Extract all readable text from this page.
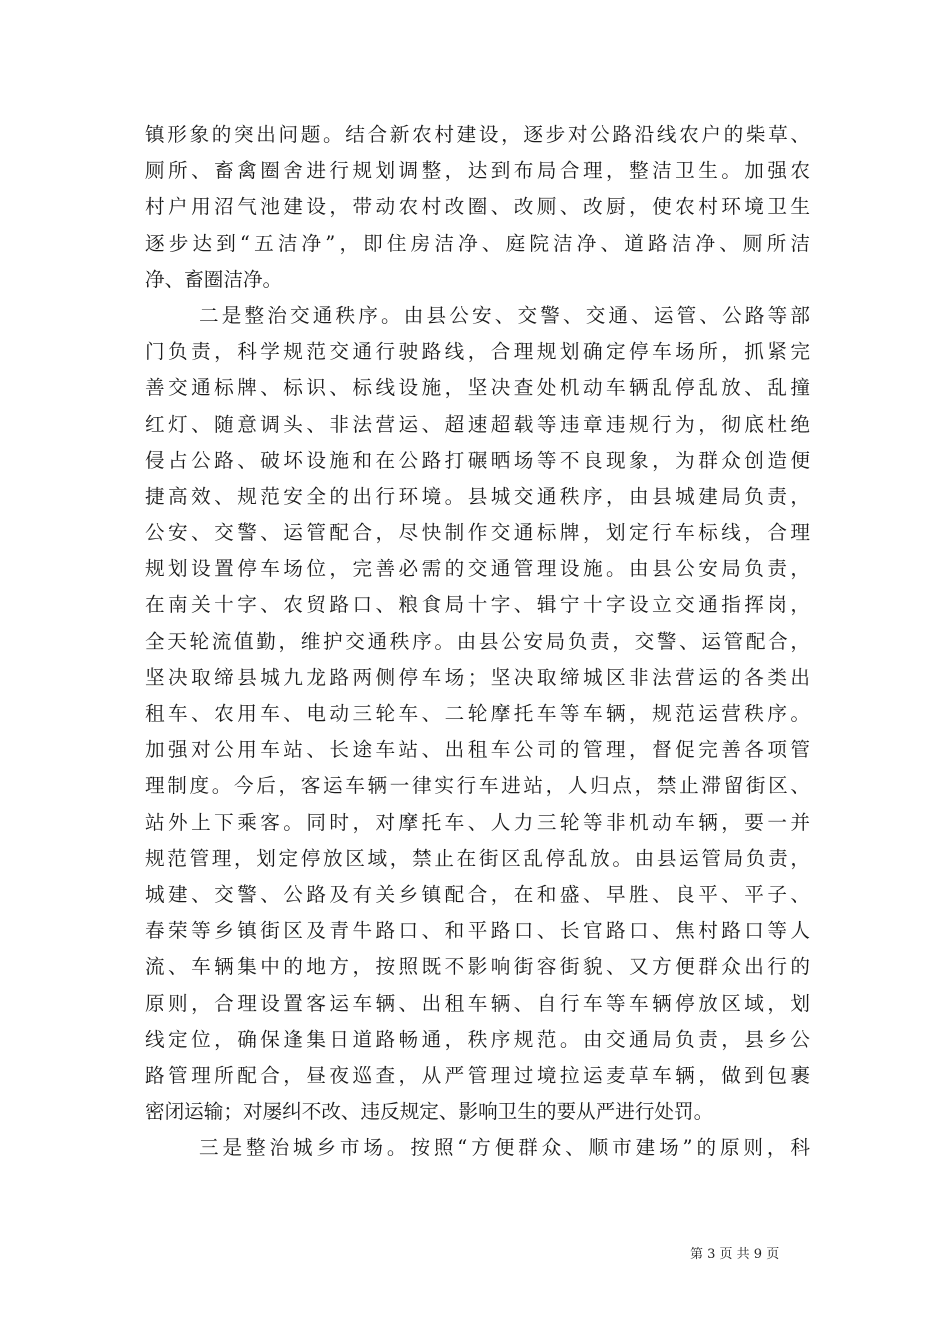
镇形象的突出问题。结合新农村建设，逐步对公路沿线农户的柴草、
厕所、畜禽圈舍进行规划调整，达到布局合理，整洁卫生。加强农
村户用沼气池建设，带动农村改圈、改厕、改厨，使农村环境卫生
逐步达到“五洁净”，即住房洁净、庭院洁净、道路洁净、厕所洁
净、畜圈洁净。
二是整治交通秩序。由县公安、交警、交通、运管、公路等部
门负责，科学规范交通行驶路线，合理规划确定停车场所，抓紧完
善交通标牌、标识、标线设施，坚决查处机动车辆乱停乱放、乱撞
红灯、随意调头、非法营运、超速超载等违章违规行为，彻底杜绝
侵占公路、破坏设施和在公路打碾晒场等不良现象，为群众创造便
捷高效、规范安全的出行环境。县城交通秩序，由县城建局负责，
公安、交警、运管配合，尽快制作交通标牌，划定行车标线，合理
规划设置停车场位，完善必需的交通管理设施。由县公安局负责，
在南关十字、农贸路口、粮食局十字、辑宁十字设立交通指挥岗，
全天轮流值勤，维护交通秩序。由县公安局负责，交警、运管配合，
坚决取缔县城九龙路两侧停车场；坚决取缔城区非法营运的各类出
租车、农用车、电动三轮车、二轮摩托车等车辆，规范运营秩序。
加强对公用车站、长途车站、出租车公司的管理，督促完善各项管
理制度。今后，客运车辆一律实行车进站，人归点，禁止滞留街区、
站外上下乘客。同时，对摩托车、人力三轮等非机动车辆，要一并
规范管理，划定停放区域，禁止在街区乱停乱放。由县运管局负责，
城建、交警、公路及有关乡镇配合，在和盛、早胜、良平、平子、
春荣等乡镇街区及青牛路口、和平路口、长官路口、焦村路口等人
流、车辆集中的地方，按照既不影响街容街貌、又方便群众出行的
原则，合理设置客运车辆、出租车辆、自行车等车辆停放区域，划
线定位，确保逢集日道路畅通，秩序规范。由交通局负责，县乡公
路管理所配合，昼夜巡查，从严管理过境拉运麦草车辆，做到包裹
密闭运输；对屡纠不改、违反规定、影响卫生的要从严进行处罚。
三是整治城乡市场。按照“方便群众、顺市建场”的原则，科
第 3 页 共 9 页
